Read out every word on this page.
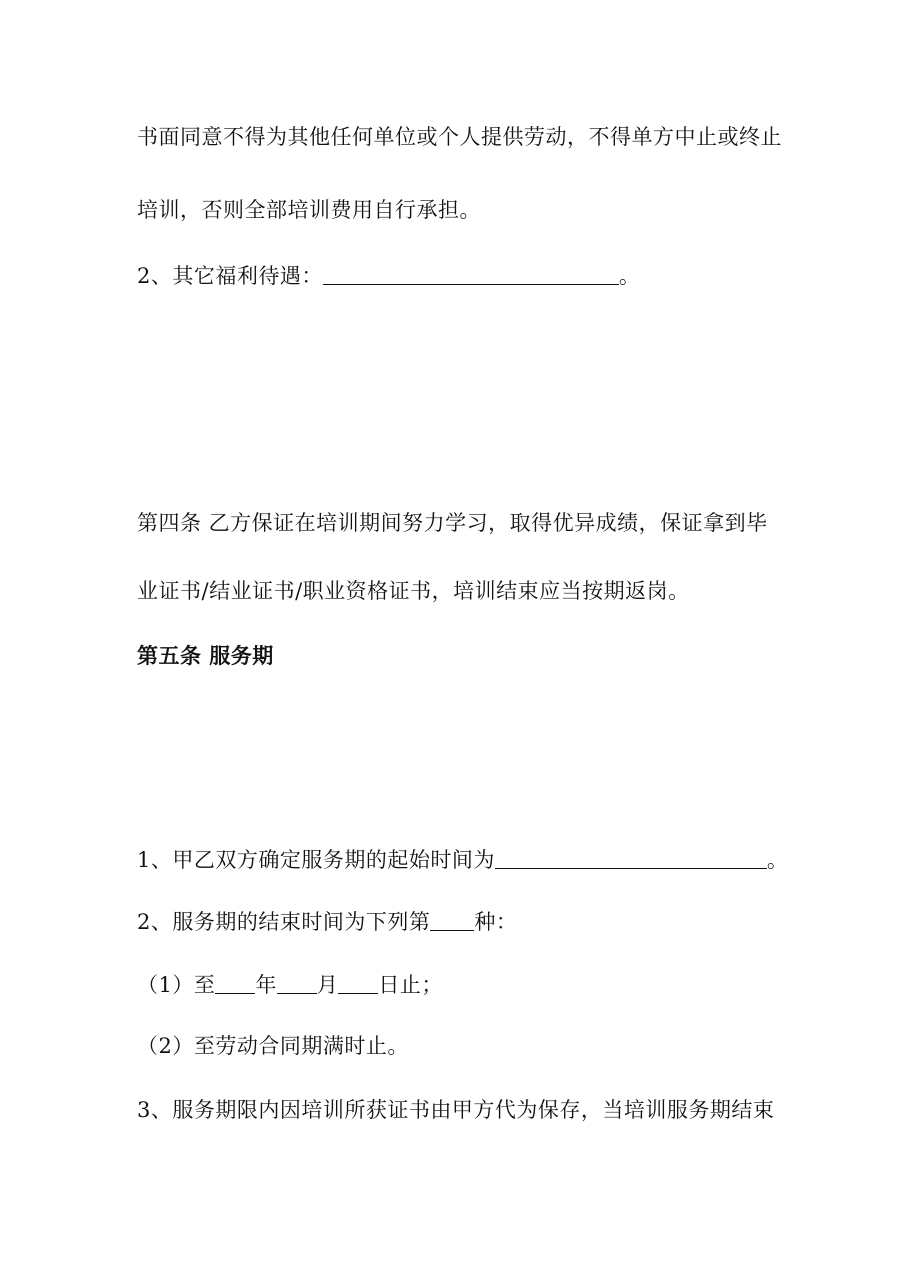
书面同意不得为其他任何单位或个人提供劳动，不得单方中止或终止
培训，否则全部培训费用自行承担。
2、其它福利待遇：	。
第四条 乙方保证在培训期间努力学习，取得优异成绩，保证拿到毕
业证书/结业证书/职业资格证书，培训结束应当按期返岗。
第五条 服务期
1、甲乙双方确定服务期的起始时间为	。
2、服务期的结束时间为下列第 种：
（1）至 年 月 日止；
（2）至劳动合同期满时止。
3、服务期限内因培训所获证书由甲方代为保存，当培训服务期结束
